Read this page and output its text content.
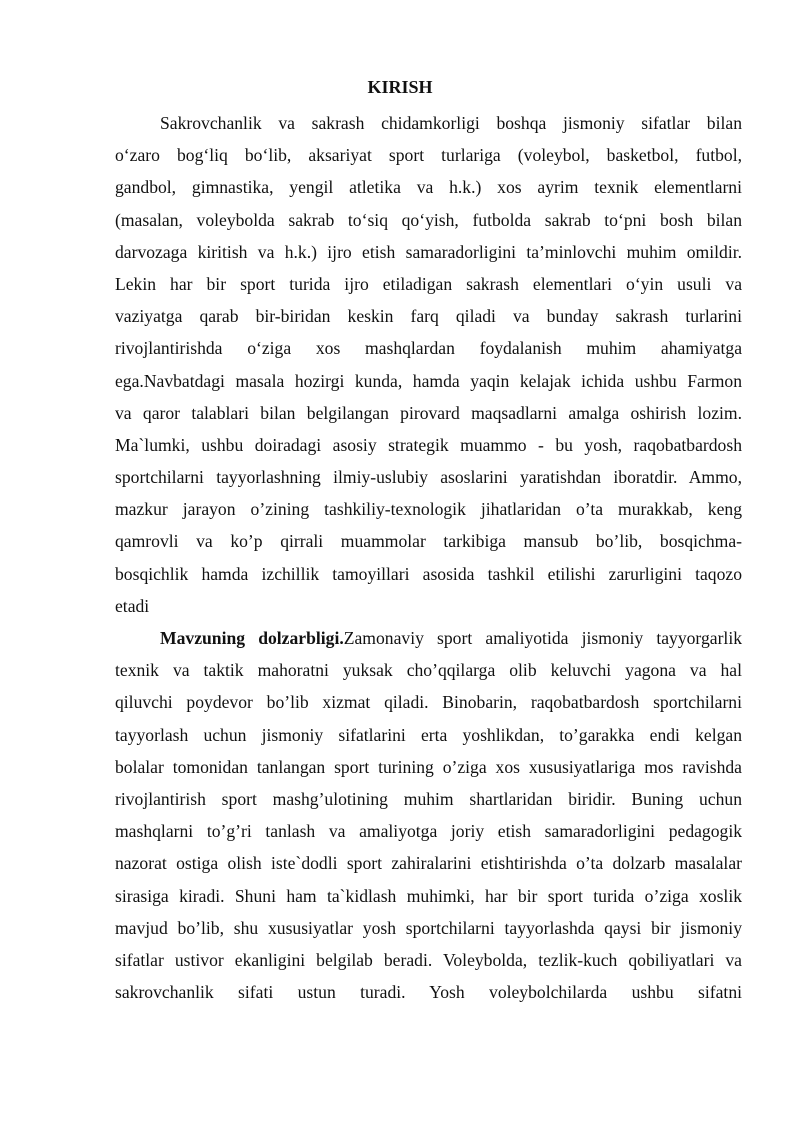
KIRISH
Sakrovchanlik va sakrash chidamkorligi boshqa jismoniy sifatlar bilan
o‘zaro bog‘liq bo‘lib, aksariyat sport turlariga (voleybol, basketbol, futbol,
gandbol, gimnastika, yengil atletika va h.k.) xos ayrim texnik elementlarni
(masalan, voleybolda sakrab to‘siq qo‘yish, futbolda sakrab to‘pni bosh bilan
darvozaga kiritish va h.k.) ijro etish samaradorligini ta’minlovchi muhim omildir.
Lekin har bir sport turida ijro etiladigan sakrash elementlari o‘yin usuli va
vaziyatga qarab bir-biridan keskin farq qiladi va bunday sakrash turlarini
rivojlantirishda o‘ziga xos mashqlardan foydalanish muhim ahamiyatga
ega.Navbatdagi masala hozirgi kunda, hamda yaqin kelajak ichida ushbu Farmon
va qaror talablari bilan belgilangan pirovard maqsadlarni amalga oshirish lozim.
Ma`lumki, ushbu doiradagi asosiy strategik muammo - bu yosh, raqobatbardosh
sportchilarni tayyorlashning ilmiy-uslubiy asoslarini yaratishdan iboratdir. Ammo,
mazkur jarayon o’zining tashkiliy-texnologik jihatlaridan o’ta murakkab, keng
qamrovli va ko’p qirrali muammolar tarkibiga mansub bo’lib, bosqichma-
bosqichlik hamda izchillik tamoyillari asosida tashkil etilishi zarurligini taqozo
etadi
Mavzuning dolzarbligi.Zamonaviy sport amaliyotida jismoniy tayyorgarlik
texnik va taktik mahoratni yuksak cho’qqilarga olib keluvchi yagona va hal
qiluvchi poydevor bo’lib xizmat qiladi. Binobarin, raqobatbardosh sportchilarni
tayyorlash uchun jismoniy sifatlarini erta yoshlikdan, to’garakka endi kelgan
bolalar tomonidan tanlangan sport turining o’ziga xos xususiyatlariga mos ravishda
rivojlantirish sport mashg’ulotining muhim shartlaridan biridir. Buning uchun
mashqlarni to’g’ri tanlash va amaliyotga joriy etish samaradorligini pedagogik
nazorat ostiga olish iste`dodli sport zahiralarini etishtirishda o’ta dolzarb masalalar
sirasiga kiradi. Shuni ham ta`kidlash muhimki, har bir sport turida o’ziga xoslik
mavjud bo’lib, shu xususiyatlar yosh sportchilarni tayyorlashda qaysi bir jismoniy
sifatlar ustivor ekanligini belgilab beradi. Voleybolda, tezlik-kuch qobiliyatlari va
sakrovchanlik sifati ustun turadi. Yosh voleybolchilarda ushbu sifatni
